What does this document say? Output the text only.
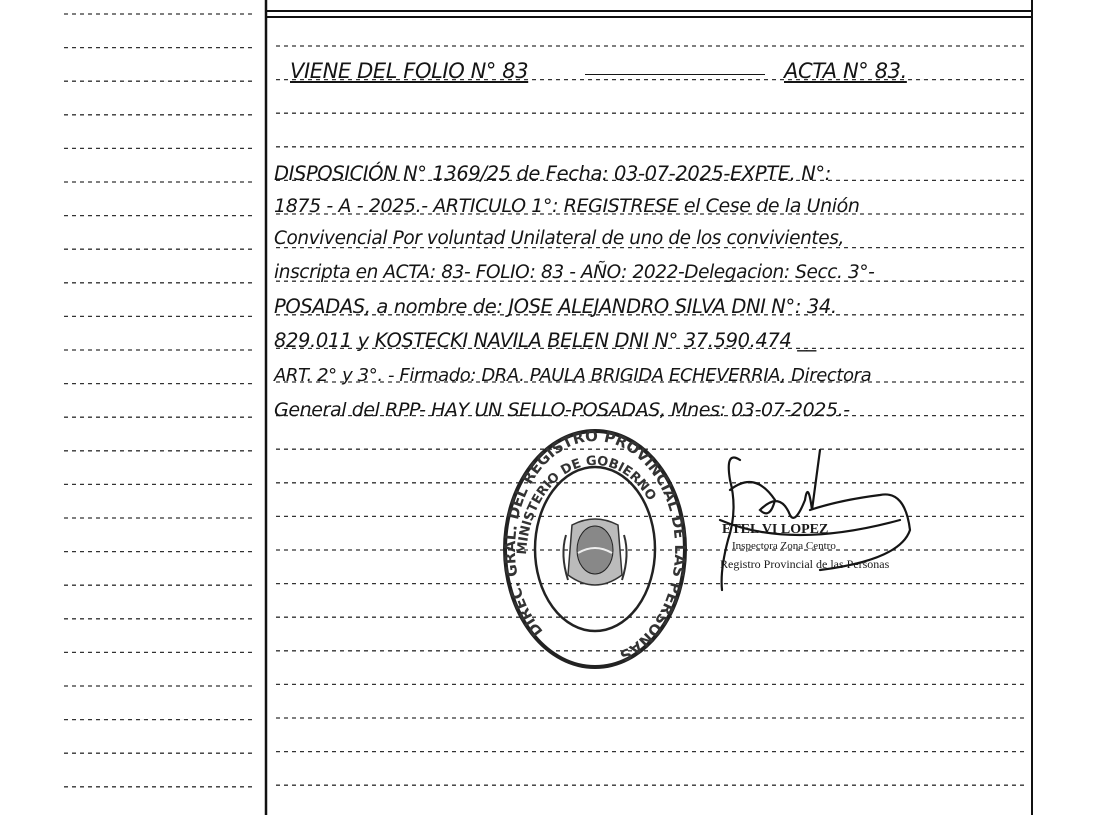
VIENE DEL FOLIO N° 83	ACTA N° 83.
DISPOSICIÓN N° 1369/25 de Fecha: 03-07-2025-EXPTE. N°:
1875 - A - 2025.- ARTICULO 1°: REGISTRESE el Cese de la Unión
Convivencial Por voluntad Unilateral de uno de los convivientes,
inscripta en ACTA: 83- FOLIO: 83 - AÑO: 2022-Delegacion: Secc. 3°-
POSADAS, a nombre de: JOSE ALEJANDRO SILVA DNI N°: 34.
829.011 y KOSTECKI NAVILA BELEN DNI N° 37.590.474 __
ART. 2° y 3°. - Firmado: DRA. PAULA BRIGIDA ECHEVERRIA, Directora
General del RPP- HAY UN SELLO-POSADAS, Mnes: 03-07-2025.-
DIREC. GRAL. DEL REGISTRO PROVINCIAL DE LAS PERSONAS
MINISTERIO DE GOBIERNO
ETEL VI LOPEZ
Inspectora Zona Centro
Registro Provincial de las Personas
